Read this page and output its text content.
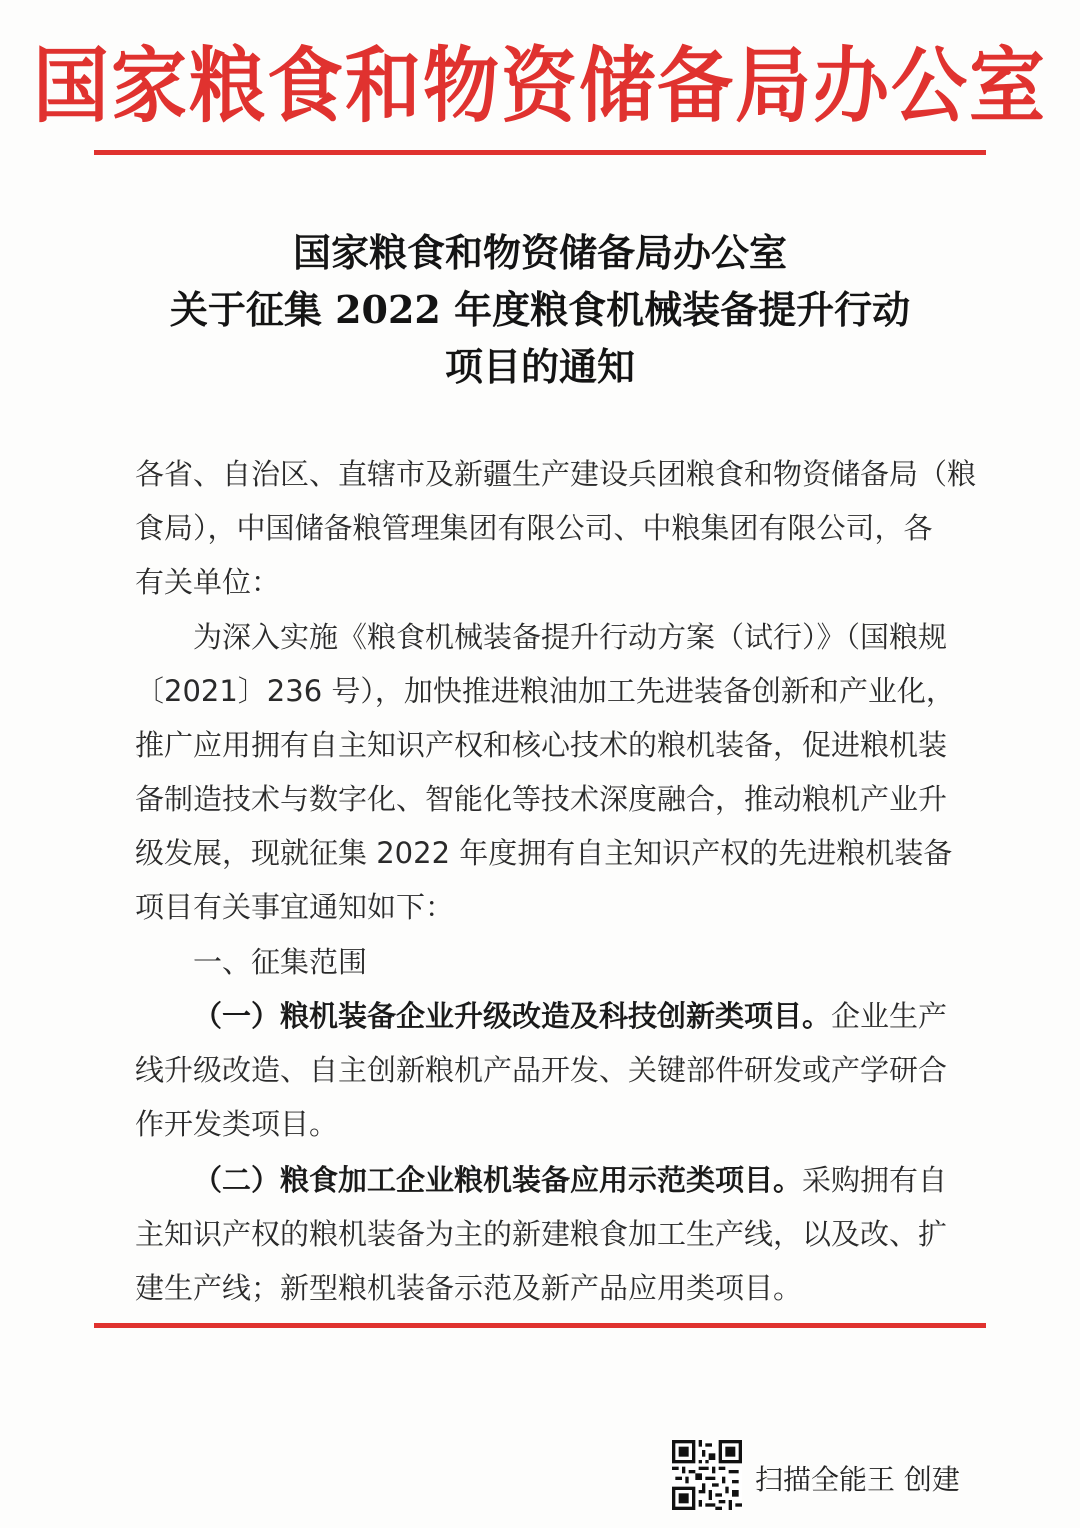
国家粮食和物资储备局办公室
国家粮食和物资储备局办公室
关于征集 2022 年度粮食机械装备提升行动
项目的通知
各省、自治区、直辖市及新疆生产建设兵团粮食和物资储备局（粮
食局），中国储备粮管理集团有限公司、中粮集团有限公司，各
有关单位：
为深入实施《粮食机械装备提升行动方案（试行）》（国粮规
〔2021〕236 号），加快推进粮油加工先进装备创新和产业化，
推广应用拥有自主知识产权和核心技术的粮机装备，促进粮机装
备制造技术与数字化、智能化等技术深度融合，推动粮机产业升
级发展，现就征集 2022 年度拥有自主知识产权的先进粮机装备
项目有关事宜通知如下：
一、征集范围
（一）粮机装备企业升级改造及科技创新类项目。企业生产
线升级改造、自主创新粮机产品开发、关键部件研发或产学研合
作开发类项目。
（二）粮食加工企业粮机装备应用示范类项目。采购拥有自
主知识产权的粮机装备为主的新建粮食加工生产线，以及改、扩
建生产线；新型粮机装备示范及新产品应用类项目。
扫描全能王 创建
